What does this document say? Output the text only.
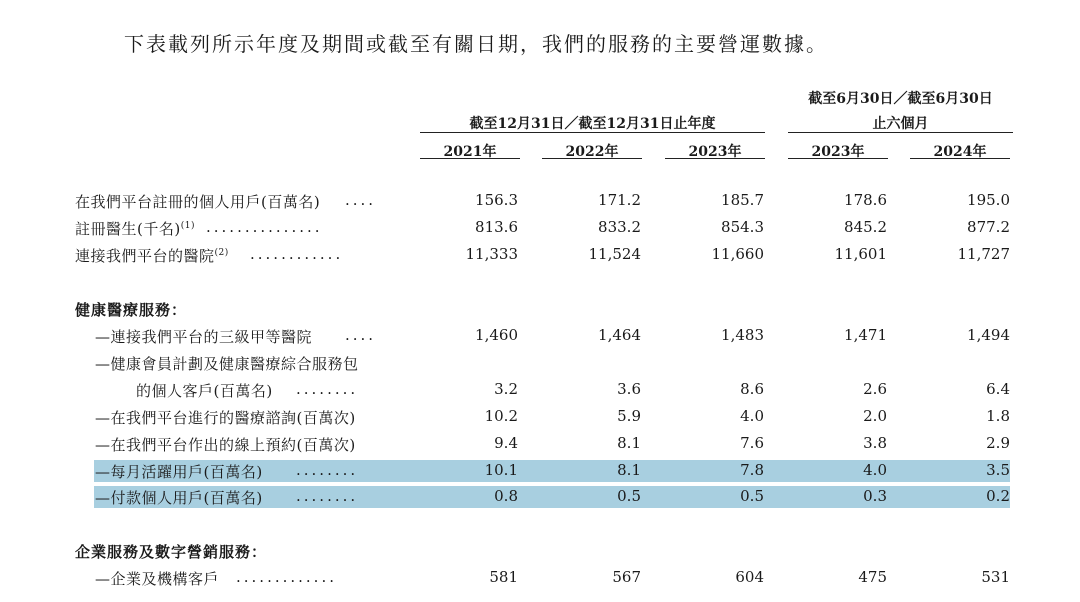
下表載列所示年度及期間或截至有關日期，我們的服務的主要營運數據。
截至12月31日／截至12月31日止年度
截至6月30日／截至6月30日
止六個月
2021年	2022年	2023年	2023年	2024年
在我們平台註冊的個人用戶(百萬名) ....	156.3	171.2	185.7	178.6	195.0
註冊醫生(千名)$^{(1)}$ ...............	813.6	833.2	854.3	845.2	877.2
連接我們平台的醫院$^{(2)}$ ............	11,333	11,524	11,660	11,601	11,727
健康醫療服務：
—連接我們平台的三級甲等醫院 ....	1,460	1,464	1,483	1,471	1,494
—健康會員計劃及健康醫療綜合服務包
的個人客戶(百萬名) ........	3.2	3.6	8.6	2.6	6.4
—在我們平台進行的醫療諮詢(百萬次)	10.2	5.9	4.0	2.0	1.8
—在我們平台作出的線上預約(百萬次)	9.4	8.1	7.6	3.8	2.9
—每月活躍用戶(百萬名) ........	10.1	8.1	7.8	4.0	3.5
—付款個人用戶(百萬名) ........	0.8	0.5	0.5	0.3	0.2
企業服務及數字營銷服務：
—企業及機構客戶 .............	581	567	604	475	531
